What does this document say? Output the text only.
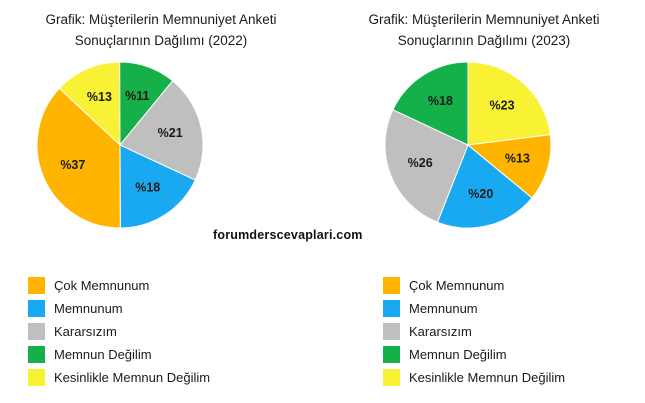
Grafik: Müşterilerin Memnuniyet Anketi
Sonuçlarının Dağılımı (2022)
%13 %11
%21
%18
%37
Çok Memnunum
Memnunum
Kararsızım
Memnun Değilim
Kesinlikle Memnun Değilim
Grafik: Müşterilerin Memnuniyet Anketi
Sonuçlarının Dağılımı (2023)
%23
%13
%20
%26
%18
Çok Memnunum
Memnunum
Kararsızım
Memnun Değilim
Kesinlikle Memnun Değilim
forumderscevaplari.com
